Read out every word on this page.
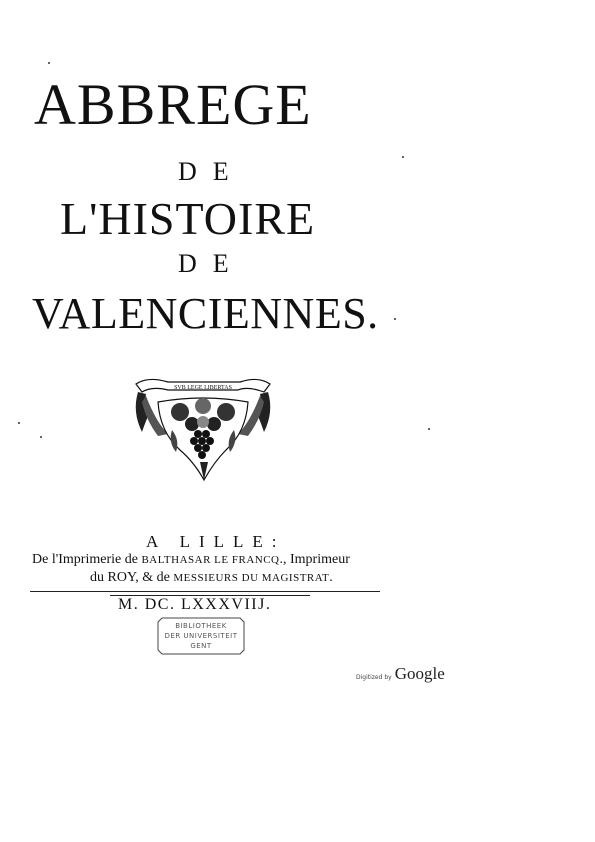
ABBREGE
DE
L'HISTOIRE
DE
VALENCIENNES.
SVB LEGE LIBERTAS
A LILLE:
De l'Imprimerie de BALTHASAR LE FRANCQ., Imprimeur
du ROY, & de MESSIEURS DU MAGISTRAT.
M. DC. LXXXVIIJ.
BIBLIOTHEEK
DER UNIVERSITEIT
GENT
Digitized by Google
